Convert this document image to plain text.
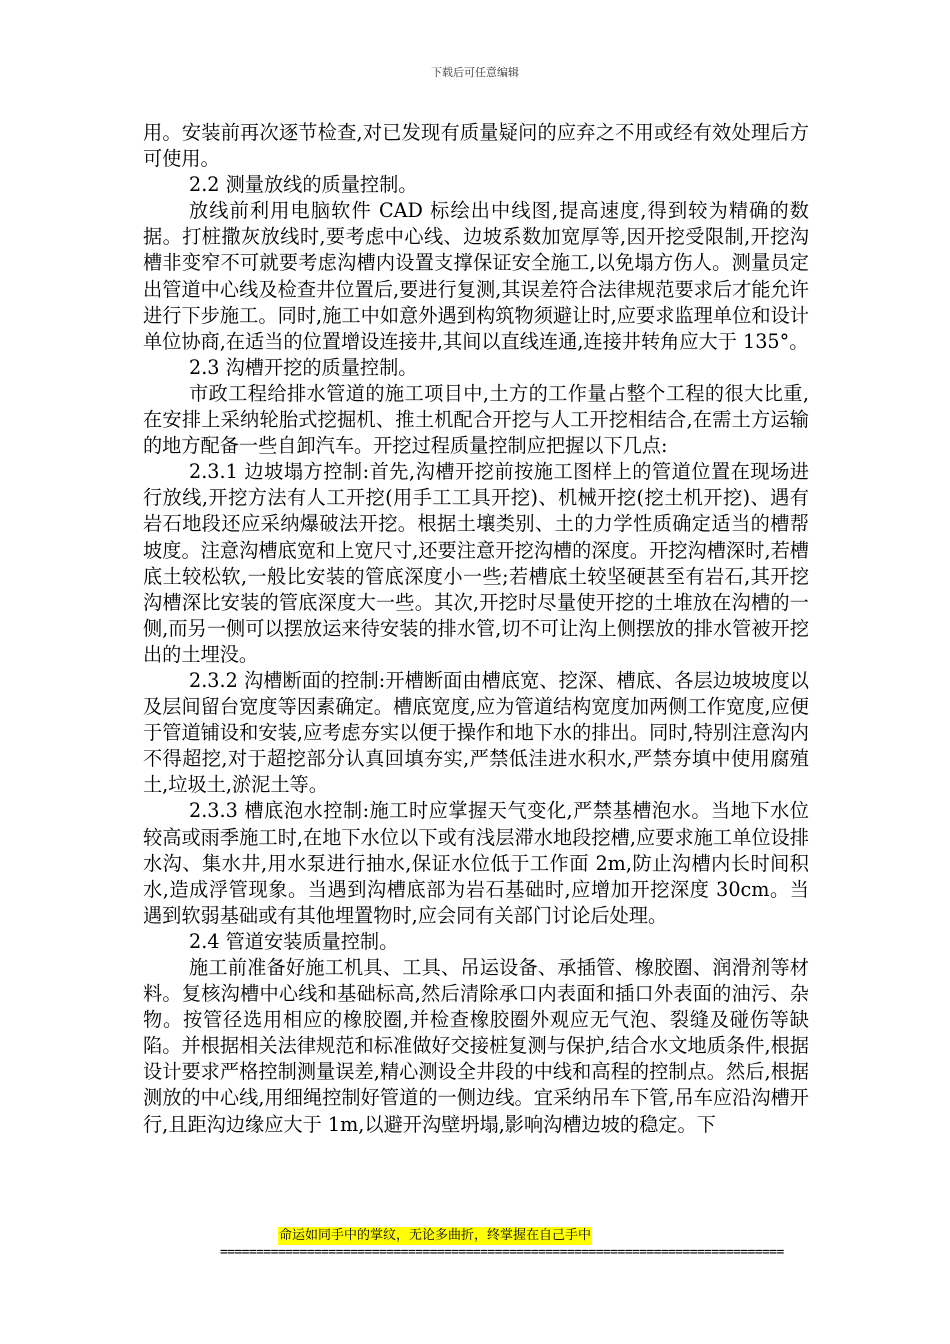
下载后可任意编辑

用。安装前再次逐节检查,对已发现有质量疑问的应弃之不用或经有效处理后方可使用。

2.2 测量放线的质量控制。

放线前利用电脑软件 CAD 标绘出中线图,提高速度,得到较为精确的数据。打桩撒灰放线时,要考虑中心线、边坡系数加宽厚等,因开挖受限制,开挖沟槽非变窄不可就要考虑沟槽内设置支撑保证安全施工,以免塌方伤人。测量员定出管道中心线及检查井位置后,要进行复测,其误差符合法律规范要求后才能允许进行下步施工。同时,施工中如意外遇到构筑物须避让时,应要求监理单位和设计单位协商,在适当的位置增设连接井,其间以直线连通,连接井转角应大于 135°。

2.3 沟槽开挖的质量控制。

市政工程给排水管道的施工项目中,土方的工作量占整个工程的很大比重,在安排上采纳轮胎式挖掘机、推土机配合开挖与人工开挖相结合,在需土方运输的地方配备一些自卸汽车。开挖过程质量控制应把握以下几点:

2.3.1 边坡塌方控制:首先,沟槽开挖前按施工图样上的管道位置在现场进行放线,开挖方法有人工开挖(用手工工具开挖)、机械开挖(挖土机开挖)、遇有岩石地段还应采纳爆破法开挖。根据土壤类别、土的力学性质确定适当的槽帮坡度。注意沟槽底宽和上宽尺寸,还要注意开挖沟槽的深度。开挖沟槽深时,若槽底土较松软,一般比安装的管底深度小一些;若槽底土较坚硬甚至有岩石,其开挖沟槽深比安装的管底深度大一些。其次,开挖时尽量使开挖的土堆放在沟槽的一侧,而另一侧可以摆放运来待安装的排水管,切不可让沟上侧摆放的排水管被开挖出的土埋没。

2.3.2 沟槽断面的控制:开槽断面由槽底宽、挖深、槽底、各层边坡坡度以及层间留台宽度等因素确定。槽底宽度,应为管道结构宽度加两侧工作宽度,应便于管道铺设和安装,应考虑夯实以便于操作和地下水的排出。同时,特别注意沟内不得超挖,对于超挖部分认真回填夯实,严禁低洼进水积水,严禁夯填中使用腐殖土,垃圾土,淤泥土等。

2.3.3 槽底泡水控制:施工时应掌握天气变化,严禁基槽泡水。当地下水位较高或雨季施工时,在地下水位以下或有浅层滞水地段挖槽,应要求施工单位设排水沟、集水井,用水泵进行抽水,保证水位低于工作面 2m,防止沟槽内长时间积水,造成浮管现象。当遇到沟槽底部为岩石基础时,应增加开挖深度 30cm。当遇到软弱基础或有其他埋置物时,应会同有关部门讨论后处理。

2.4 管道安装质量控制。

施工前准备好施工机具、工具、吊运设备、承插管、橡胶圈、润滑剂等材料。复核沟槽中心线和基础标高,然后清除承口内表面和插口外表面的油污、杂物。按管径选用相应的橡胶圈,并检查橡胶圈外观应无气泡、裂缝及碰伤等缺陷。并根据相关法律规范和标准做好交接桩复测与保护,结合水文地质条件,根据设计要求严格控制测量误差,精心测设全井段的中线和高程的控制点。然后,根据测放的中心线,用细绳控制好管道的一侧边线。宜采纳吊车下管,吊车应沿沟槽开行,且距沟边缘应大于 1m,以避开沟壁坍塌,影响沟槽边坡的稳定。下

命运如同手中的掌纹，无论多曲折，终掌握在自己手中
==============================================================================
